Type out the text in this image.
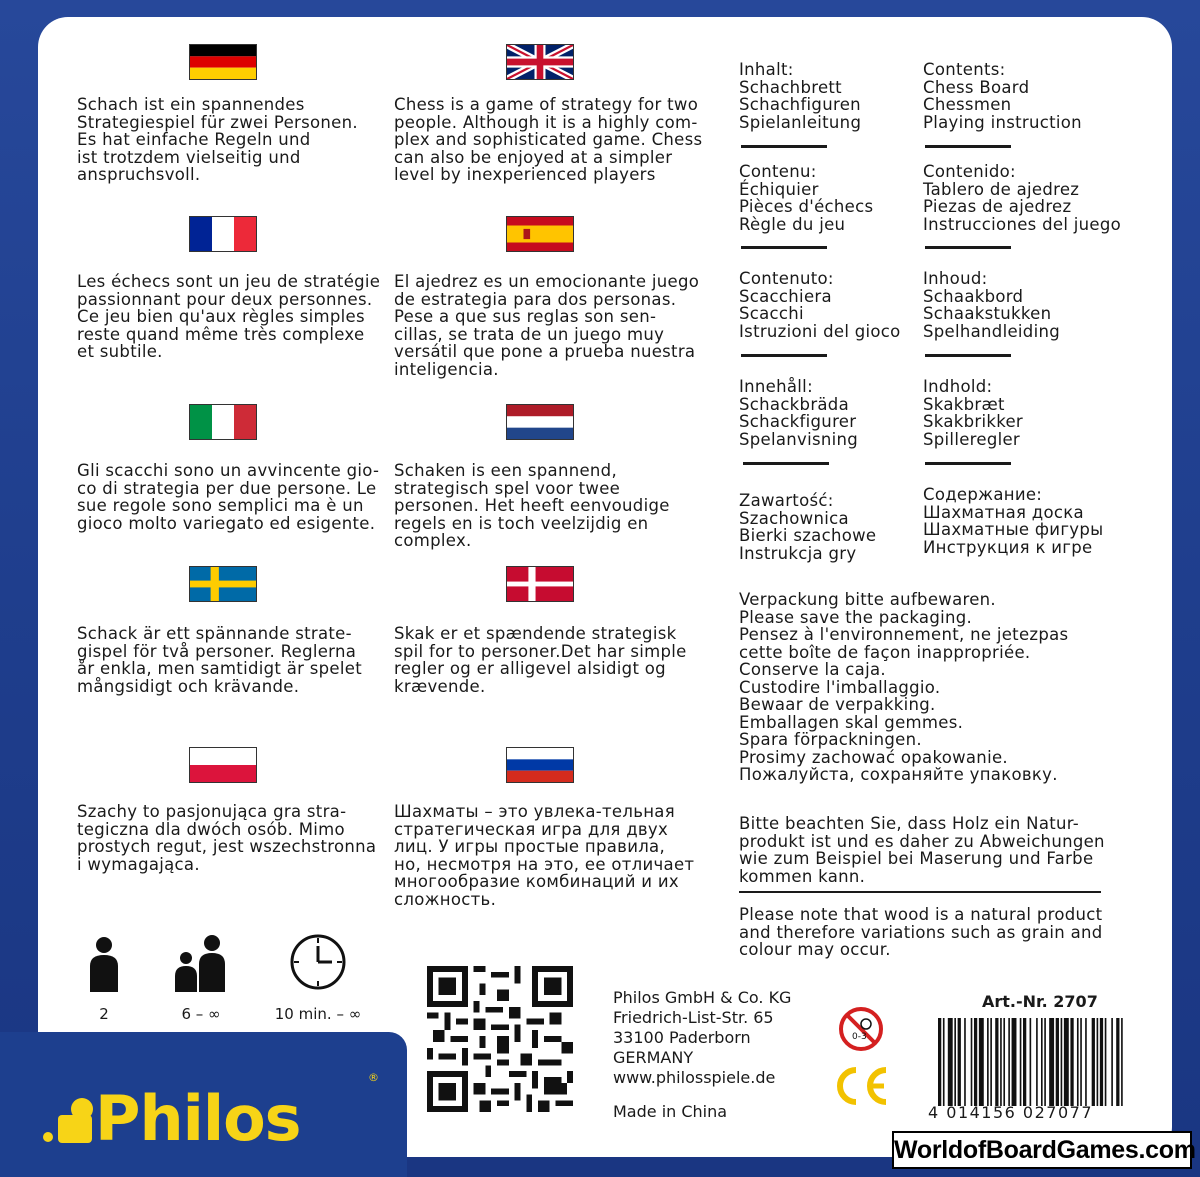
Schach ist ein spannendes
Strategiespiel für zwei Personen.
Es hat einfache Regeln und
ist trotzdem vielseitig und
anspruchsvoll.
Chess is a game of strategy for two
people. Although it is a highly com-
plex and sophisticated game. Chess
can also be enjoyed at a simpler
level by inexperienced players
Les échecs sont un jeu de stratégie
passionnant pour deux personnes.
Ce jeu bien qu'aux règles simples
reste quand même très complexe
et subtile.
El ajedrez es un emocionante juego
de estrategia para dos personas.
Pese a que sus reglas son sen-
cillas, se trata de un juego muy
versátil que pone a prueba nuestra
inteligencia.
Gli scacchi sono un avvincente gio-
co di strategia per due persone. Le
sue regole sono semplici ma è un
gioco molto variegato ed esigente.
Schaken is een spannend,
strategisch spel voor twee
personen. Het heeft eenvoudige
regels en is toch veelzijdig en
complex.
Schack är ett spännande strate-
gispel för två personer. Reglerna
år enkla, men samtidigt är spelet
mångsidigt och krävande.
Skak er et spændende strategisk
spil for to personer.Det har simple
regler og er alligevel alsidigt og
krævende.
Szachy to pasjonująca gra stra-
tegiczna dla dwóch osób. Mimo
prostych regut, jest wszechstronna
i wymagająca.
Шахматы – это увлека-тельная
стратегическая игра для двух
лиц. У игры простые правила,
но, несмотря на это, ее отличает
многообразие комбинаций и их
сложность.
Inhalt:
Schachbrett
Schachfiguren
Spielanleitung
Contents:
Chess Board
Chessmen
Playing instruction
Contenu:
Échiquier
Pièces d'échecs
Règle du jeu
Contenido:
Tablero de ajedrez
Piezas de ajedrez
Instrucciones del juego
Contenuto:
Scacchiera
Scacchi
Istruzioni del gioco
Inhoud:
Schaakbord
Schaakstukken
Spelhandleiding
Innehåll:
Schackbräda
Schackfigurer
Spelanvisning
Indhold:
Skakbræt
Skakbrikker
Spilleregler
Zawartość:
Szachownica
Bierki szachowe
Instrukcja gry
Содержание:
Шахматная доска
Шахматные фигуры
Инструкция к игре
Verpackung bitte aufbewaren.
Please save the packaging.
Pensez à l'environnement, ne jetezpas
cette boîte de façon inappropriée.
Conserve la caja.
Custodire l'imballaggio.
Bewaar de verpakking.
Emballagen skal gemmes.
Spara förpackningen.
Prosimy zachować opakowanie.
Пожалуйста, сохраняйте упаковку.
Bitte beachten Sie, dass Holz ein Natur-
produkt ist und es daher zu Abweichungen
wie zum Beispiel bei Maserung und Farbe
kommen kann.
Please note that wood is a natural product
and therefore variations such as grain and
colour may occur.
2	6 – ∞	10 min. – ∞
Philos
®
Philos GmbH & Co. KG
Friedrich-List-Str. 65
33100 Paderborn
GERMANY
www.philosspiele.de
Made in China
0-3
Art.-Nr. 2707
4 014156 027077
WorldofBoardGames.com
